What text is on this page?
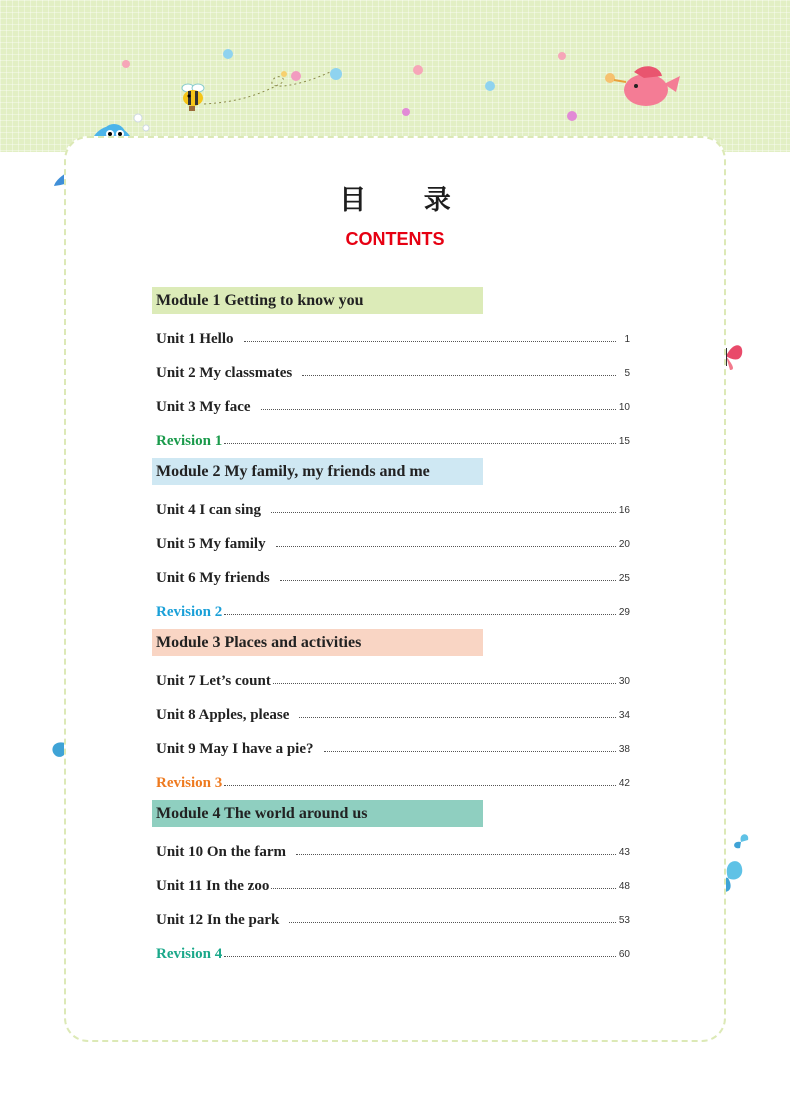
目 录
CONTENTS
Module 1 Getting to know you
Unit 1 Hello	1
Unit 2 My classmates	5
Unit 3 My face	10
Revision 1	15
Module 2 My family, my friends and me
Unit 4 I can sing	16
Unit 5 My family	20
Unit 6 My friends	25
Revision 2	29
Module 3 Places and activities
Unit 7 Let’s count	30
Unit 8 Apples, please	34
Unit 9 May I have a pie?	38
Revision 3	42
Module 4 The world around us
Unit 10 On the farm	43
Unit 11 In the zoo	48
Unit 12 In the park	53
Revision 4	60
